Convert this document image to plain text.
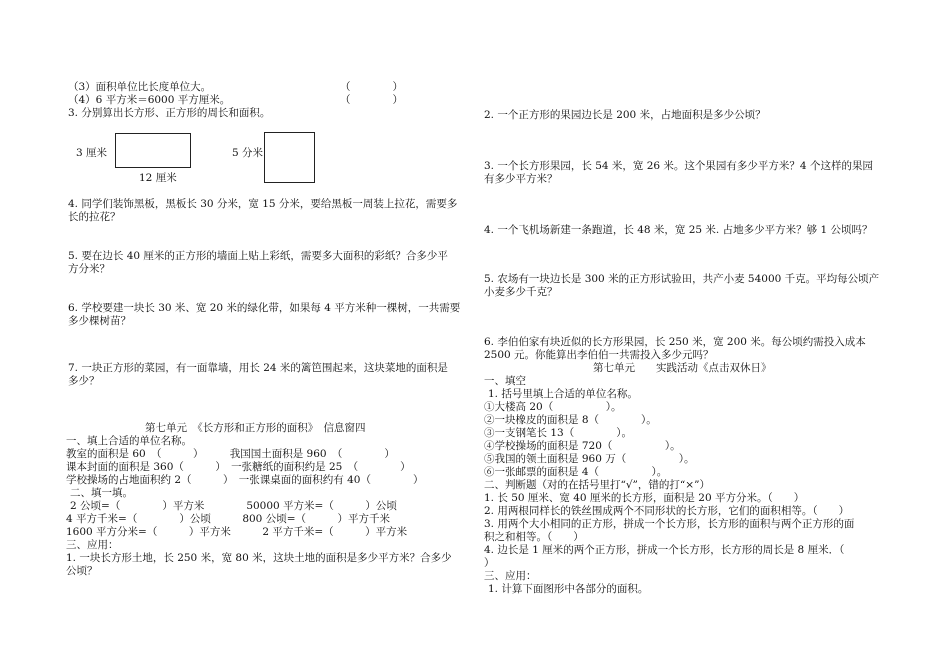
（3）面积单位比长度单位大。	（　　　　）
（4）6 平方米＝6000 平方厘米。	（　　　　）
3. 分别算出长方形、正方形的周长和面积。
3 厘米
12 厘米
5 分米
4. 同学们装饰黑板，黑板长 30 分米，宽 15 分米，要给黑板一周装上拉花，需要多
长的拉花？
5. 要在边长 40 厘米的正方形的墙面上贴上彩纸，需要多大面积的彩纸？合多少平
方分米？
6. 学校要建一块长 30 米、宽 20 米的绿化带，如果每 4 平方米种一棵树，一共需要
多少棵树苗？
7. 一块正方形的菜园，有一面靠墙，用长 24 米的篱笆围起来，这块菜地的面积是
多少？
第七单元　《长方形和正方形的面积》　信息窗四
一、填上合适的单位名称。
教室的面积是 60　（　　　）　　　我国国土面积是 960　（　　　　）
课本封面的面积是 360（　　　）　一张糖纸的面积约是 25　（　　　　）
学校操场的占地面积约 2（　　　）　一张课桌面的面积约有 40（　　　　）
二、填一填。
2 公顷=（　　　　）平方米　　　　50000 平方米=（　　　）公顷
4 平方千米=（　　　　）公顷　　　800 公顷=（　　　）平方千米
1600 平方分米=（　　　）平方米　　　2 平方千米=（　　　）平方米
三、应用：
1. 一块长方形土地，长 250 米，宽 80 米，这块土地的面积是多少平方米？合多少
公顷？
2. 一个正方形的果园边长是 200 米，占地面积是多少公顷？
3. 一个长方形果园，长 54 米，宽 26 米。这个果园有多少平方米？4 个这样的果园
有多少平方米？
4. 一个飞机场新建一条跑道，长 48 米，宽 25 米. 占地多少平方米？够 1 公顷吗？
5. 农场有一块边长是 300 米的正方形试验田，共产小麦 54000 千克。平均每公顷产
小麦多少千克？
6. 李伯伯家有块近似的长方形果园，长 250 米，宽 200 米。每公顷约需投入成本
2500 元。你能算出李伯伯一共需投入多少元吗？
第七单元　　实践活动《点击双休日》
一、填空
1. 括号里填上合适的单位名称。
①大楼高 20（　　　　　）。
②一块橡皮的面积是 8（　　　　）。
③一支钢笔长 13（　　　　）。
④学校操场的面积是 720（　　　　　）。
⑤我国的领土面积是 960 万（　　　　　）。
⑥一张邮票的面积是 4（　　　　　）。
二、判断题（对的在括号里打“√”，错的打“×”）
1. 长 50 厘米、宽 40 厘米的长方形，面积是 20 平方分米。（　　）
2. 用两根同样长的铁丝围成两个不同形状的长方形，它们的面积相等。（　　）
3. 用两个大小相同的正方形，拼成一个长方形，长方形的面积与两个正方形的面
积之和相等。（　　）
4. 边长是 1 厘米的两个正方形，拼成一个长方形，长方形的周长是 8 厘米．（
）
三、应用：
1. 计算下面图形中各部分的面积。
